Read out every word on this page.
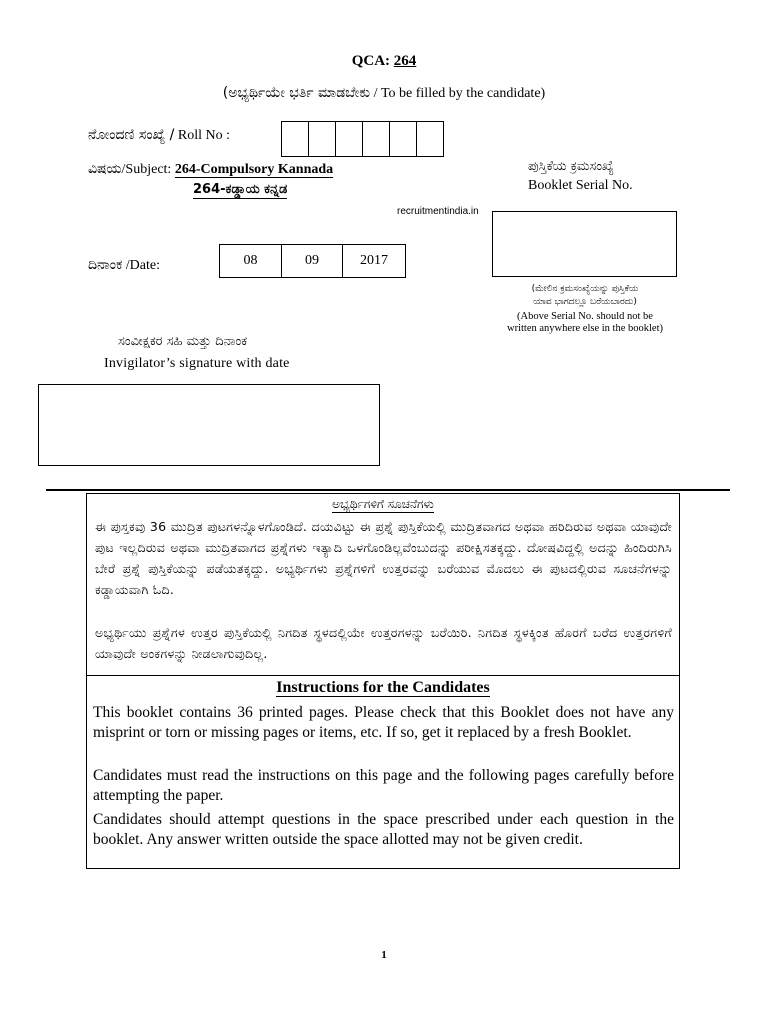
QCA: 264
(ಅಭ್ಯರ್ಥಿಯೇ ಭರ್ತಿ ಮಾಡಬೇಕು / To be filled by the candidate)
ನೋಂದಣಿ ಸಂಖ್ಯೆ / Roll No :
ವಿಷಯ/Subject: 264-Compulsory Kannada
264-ಕಡ್ಡಾಯ ಕನ್ನಡ
ಪುಸ್ತಿಕೆಯ ಕ್ರಮಸಂಖ್ಯೆ
Booklet Serial No.
recruitmentindia.in
(ಮೇಲಿನ ಕ್ರಮಸಂಖ್ಯೆಯನ್ನು ಪುಸ್ತಿಕೆಯ
ಯಾವ ಭಾಗದಲ್ಲೂ ಬರೆಯಬಾರದು)
(Above Serial No. should not be
written anywhere else in the booklet)
ದಿನಾಂಕ /Date:	08	09	2017
ಸಂವೀಕ್ಷಕರ ಸಹಿ ಮತ್ತು ದಿನಾಂಕ
Invigilator’s signature with date
ಅಭ್ಯರ್ಥಿಗಳಿಗೆ ಸೂಚನೆಗಳು
ಈ ಪುಸ್ತಕವು 36 ಮುದ್ರಿತ ಪುಟಗಳನ್ನೊಳಗೊಂಡಿದೆ. ದಯವಿಟ್ಟು ಈ ಪ್ರಶ್ನೆ ಪುಸ್ತಿಕೆಯಲ್ಲಿ ಮುದ್ರಿತವಾಗದ ಅಥವಾ ಹರಿದಿರುವ ಅಥವಾ ಯಾವುದೇ ಪುಟ ಇಲ್ಲದಿರುವ ಅಥವಾ ಮುದ್ರಿತವಾಗದ ಪ್ರಶ್ನೆಗಳು ಇತ್ಯಾದಿ ಒಳಗೊಂಡಿಲ್ಲವೆಂಬುದನ್ನು ಪರೀಕ್ಷಿಸತಕ್ಕದ್ದು. ದೋಷವಿದ್ದಲ್ಲಿ ಅದನ್ನು ಹಿಂದಿರುಗಿಸಿ ಬೇರೆ ಪ್ರಶ್ನೆ ಪುಸ್ತಿಕೆಯನ್ನು ಪಡೆಯತಕ್ಕದ್ದು. ಅಭ್ಯರ್ಥಿಗಳು ಪ್ರಶ್ನೆಗಳಿಗೆ ಉತ್ತರವನ್ನು ಬರೆಯುವ ಮೊದಲು ಈ ಪುಟದಲ್ಲಿರುವ ಸೂಚನೆಗಳನ್ನು ಕಡ್ಡಾಯವಾಗಿ ಓದಿ.
ಅಭ್ಯರ್ಥಿಯು ಪ್ರಶ್ನೆಗಳ ಉತ್ತರ ಪುಸ್ತಿಕೆಯಲ್ಲಿ ನಿಗದಿತ ಸ್ಥಳದಲ್ಲಿಯೇ ಉತ್ತರಗಳನ್ನು ಬರೆಯಿರಿ. ನಿಗದಿತ ಸ್ಥಳಕ್ಕಿಂತ ಹೊರಗೆ ಬರೆದ ಉತ್ತರಗಳಿಗೆ ಯಾವುದೇ ಅಂಕಗಳನ್ನು ನೀಡಲಾಗುವುದಿಲ್ಲ.
Instructions for the Candidates
This booklet contains 36 printed pages. Please check that this Booklet does not have any misprint or torn or missing pages or items, etc. If so, get it replaced by a fresh Booklet.
Candidates must read the instructions on this page and the following pages carefully before attempting the paper.
Candidates should attempt questions in the space prescribed under each question in the booklet. Any answer written outside the space allotted may not be given credit.
1
